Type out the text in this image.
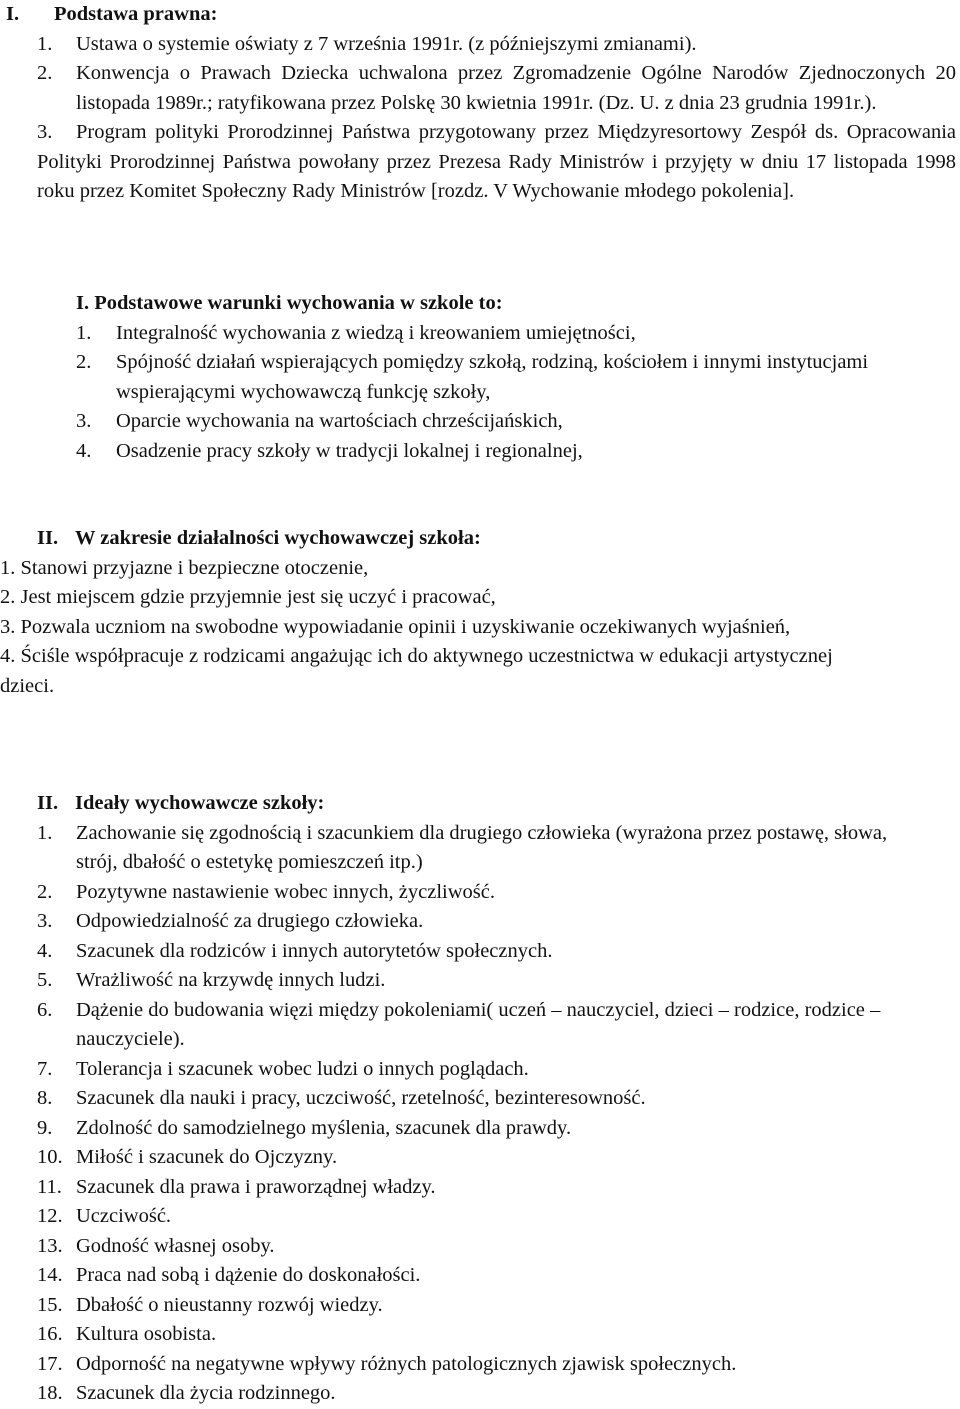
I. Podstawa prawna:
1. Ustawa o systemie oświaty z 7 września 1991r. (z późniejszymi zmianami).
2. Konwencja o Prawach Dziecka uchwalona przez Zgromadzenie Ogólne Narodów Zjednoczonych 20 listopada 1989r.; ratyfikowana przez Polskę 30 kwietnia 1991r. (Dz. U. z dnia 23 grudnia 1991r.).
3. Program polityki Prorodzinnej Państwa przygotowany przez Międzyresortowy Zespół ds. Opracowania Polityki Prorodzinnej Państwa powołany przez Prezesa Rady Ministrów i przyjęty w dniu 17 listopada 1998 roku przez Komitet Społeczny Rady Ministrów [rozdz. V Wychowanie młodego pokolenia].
I. Podstawowe warunki wychowania w szkole to:
1. Integralność wychowania z wiedzą i kreowaniem umiejętności,
2. Spójność działań wspierających pomiędzy szkołą, rodziną, kościołem i innymi instytucjami wspierającymi wychowawczą funkcję szkoły,
3. Oparcie wychowania na wartościach chrześcijańskich,
4. Osadzenie pracy szkoły w tradycji lokalnej i regionalnej,
II. W zakresie działalności wychowawczej szkoła:
1. Stanowi przyjazne i bezpieczne otoczenie,
2. Jest miejscem gdzie przyjemnie jest się uczyć i pracować,
3. Pozwala uczniom na swobodne wypowiadanie opinii i uzyskiwanie oczekiwanych wyjaśnień,
4. Ściśle współpracuje z rodzicami angażując ich do aktywnego uczestnictwa w edukacji artystycznej dzieci.
II. Ideały wychowawcze szkoły:
1. Zachowanie się zgodnością i szacunkiem dla drugiego człowieka (wyrażona przez postawę, słowa, strój, dbałość o estetykę pomieszczeń itp.)
2. Pozytywne nastawienie wobec innych, życzliwość.
3. Odpowiedzialność za drugiego człowieka.
4. Szacunek dla rodziców i innych autorytetów społecznych.
5. Wrażliwość na krzywdę innych ludzi.
6. Dążenie do budowania więzi między pokoleniami( uczeń – nauczyciel, dzieci – rodzice, rodzice – nauczyciele).
7. Tolerancja i szacunek wobec ludzi o innych poglądach.
8. Szacunek dla nauki i pracy, uczciwość, rzetelność, bezinteresowność.
9. Zdolność do samodzielnego myślenia, szacunek dla prawdy.
10. Miłość i szacunek do Ojczyzny.
11. Szacunek dla prawa i praworządnej władzy.
12. Uczciwość.
13. Godność własnej osoby.
14. Praca nad sobą i dążenie do doskonałości.
15. Dbałość o nieustanny rozwój wiedzy.
16. Kultura osobista.
17. Odporność na negatywne wpływy różnych patologicznych zjawisk społecznych.
18. Szacunek dla życia rodzinnego.
